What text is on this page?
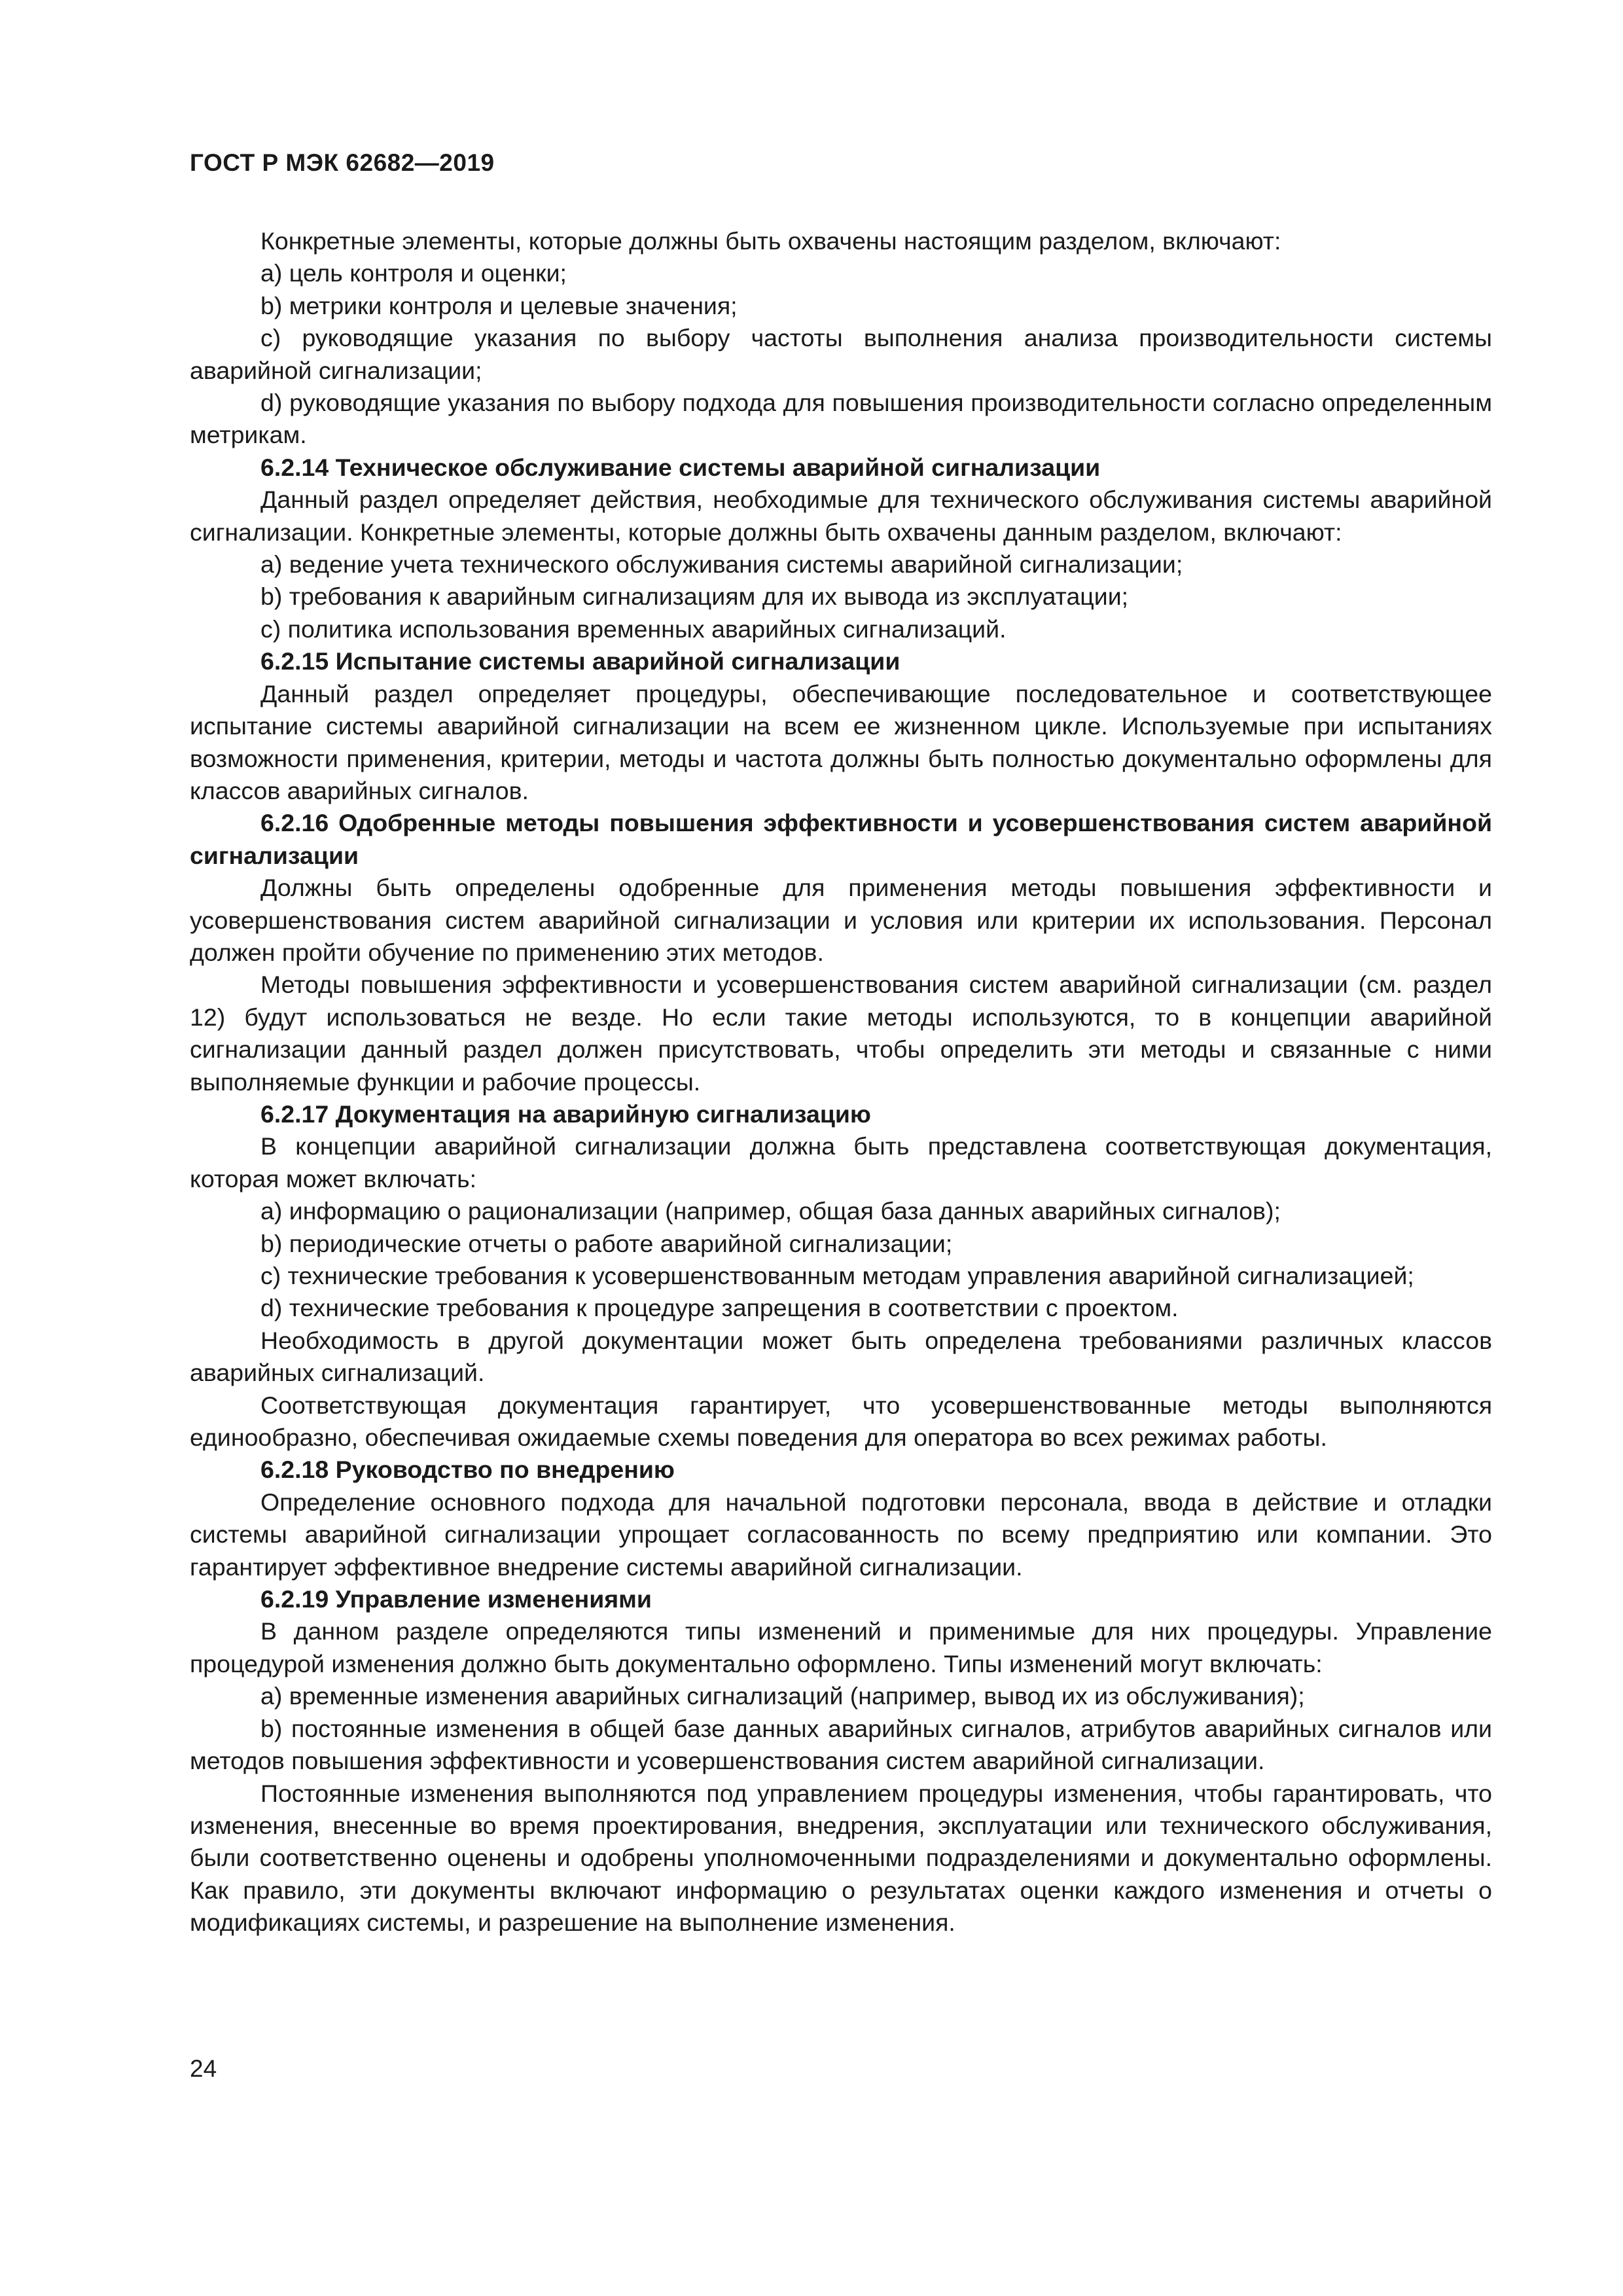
ГОСТ Р МЭК 62682—2019

Конкретные элементы, которые должны быть охвачены настоящим разделом, включают:

a) цель контроля и оценки;

b) метрики контроля и целевые значения;

c) руководящие указания по выбору частоты выполнения анализа производительности системы аварийной сигнализации;

d) руководящие указания по выбору подхода для повышения производительности согласно определенным метрикам.

6.2.14 Техническое обслуживание системы аварийной сигнализации

Данный раздел определяет действия, необходимые для технического обслуживания системы аварийной сигнализации. Конкретные элементы, которые должны быть охвачены данным разделом, включают:

a) ведение учета технического обслуживания системы аварийной сигнализации;

b) требования к аварийным сигнализациям для их вывода из эксплуатации;

c) политика использования временных аварийных сигнализаций.

6.2.15 Испытание системы аварийной сигнализации

Данный раздел определяет процедуры, обеспечивающие последовательное и соответствующее испытание системы аварийной сигнализации на всем ее жизненном цикле. Используемые при испытаниях возможности применения, критерии, методы и частота должны быть полностью документально оформлены для классов аварийных сигналов.

6.2.16 Одобренные методы повышения эффективности и усовершенствования систем аварийной сигнализации

Должны быть определены одобренные для применения методы повышения эффективности и усовершенствования систем аварийной сигнализации и условия или критерии их использования. Персонал должен пройти обучение по применению этих методов.

Методы повышения эффективности и усовершенствования систем аварийной сигнализации (см. раздел 12) будут использоваться не везде. Но если такие методы используются, то в концепции аварийной сигнализации данный раздел должен присутствовать, чтобы определить эти методы и связанные с ними выполняемые функции и рабочие процессы.

6.2.17 Документация на аварийную сигнализацию

В концепции аварийной сигнализации должна быть представлена соответствующая документация, которая может включать:

a) информацию о рационализации (например, общая база данных аварийных сигналов);

b) периодические отчеты о работе аварийной сигнализации;

c) технические требования к усовершенствованным методам управления аварийной сигнализацией;

d) технические требования к процедуре запрещения в соответствии с проектом.

Необходимость в другой документации может быть определена требованиями различных классов аварийных сигнализаций.

Соответствующая документация гарантирует, что усовершенствованные методы выполняются единообразно, обеспечивая ожидаемые схемы поведения для оператора во всех режимах работы.

6.2.18 Руководство по внедрению

Определение основного подхода для начальной подготовки персонала, ввода в действие и отладки системы аварийной сигнализации упрощает согласованность по всему предприятию или компании. Это гарантирует эффективное внедрение системы аварийной сигнализации.

6.2.19 Управление изменениями

В данном разделе определяются типы изменений и применимые для них процедуры. Управление процедурой изменения должно быть документально оформлено. Типы изменений могут включать:

a) временные изменения аварийных сигнализаций (например, вывод их из обслуживания);

b) постоянные изменения в общей базе данных аварийных сигналов, атрибутов аварийных сигналов или методов повышения эффективности и усовершенствования систем аварийной сигнализации.

Постоянные изменения выполняются под управлением процедуры изменения, чтобы гарантировать, что изменения, внесенные во время проектирования, внедрения, эксплуатации или технического обслуживания, были соответственно оценены и одобрены уполномоченными подразделениями и документально оформлены. Как правило, эти документы включают информацию о результатах оценки каждого изменения и отчеты о модификациях системы, и разрешение на выполнение изменения.

24
